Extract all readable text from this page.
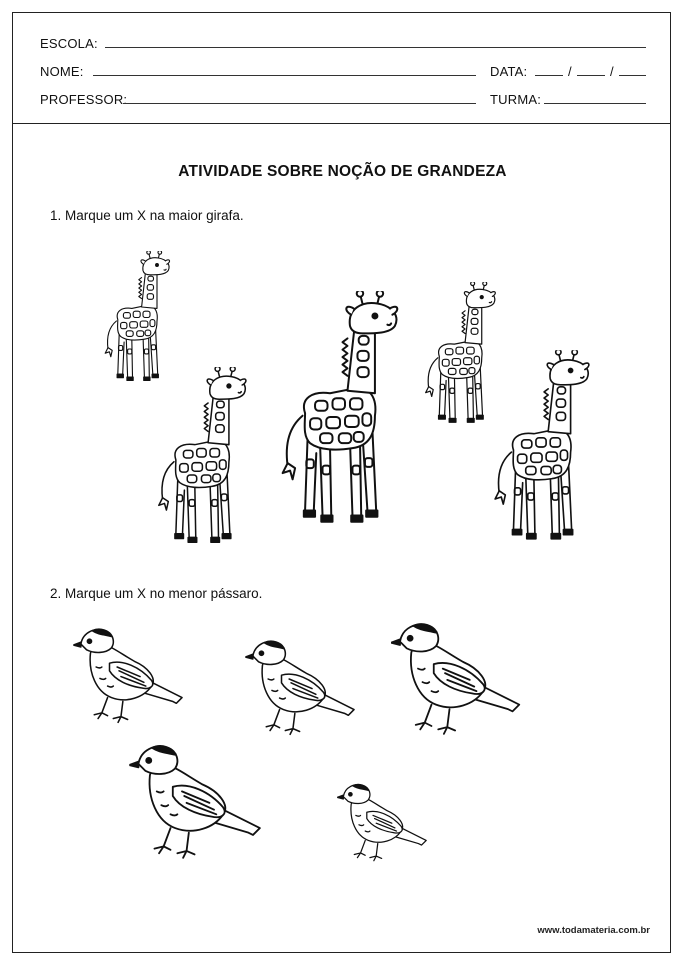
ESCOLA:
NOME:	DATA:	/	/
PROFESSOR:	TURMA:
ATIVIDADE SOBRE NOÇÃO DE GRANDEZA
1. Marque um X na maior girafa.
2. Marque um X no menor pássaro.
www.todamateria.com.br
